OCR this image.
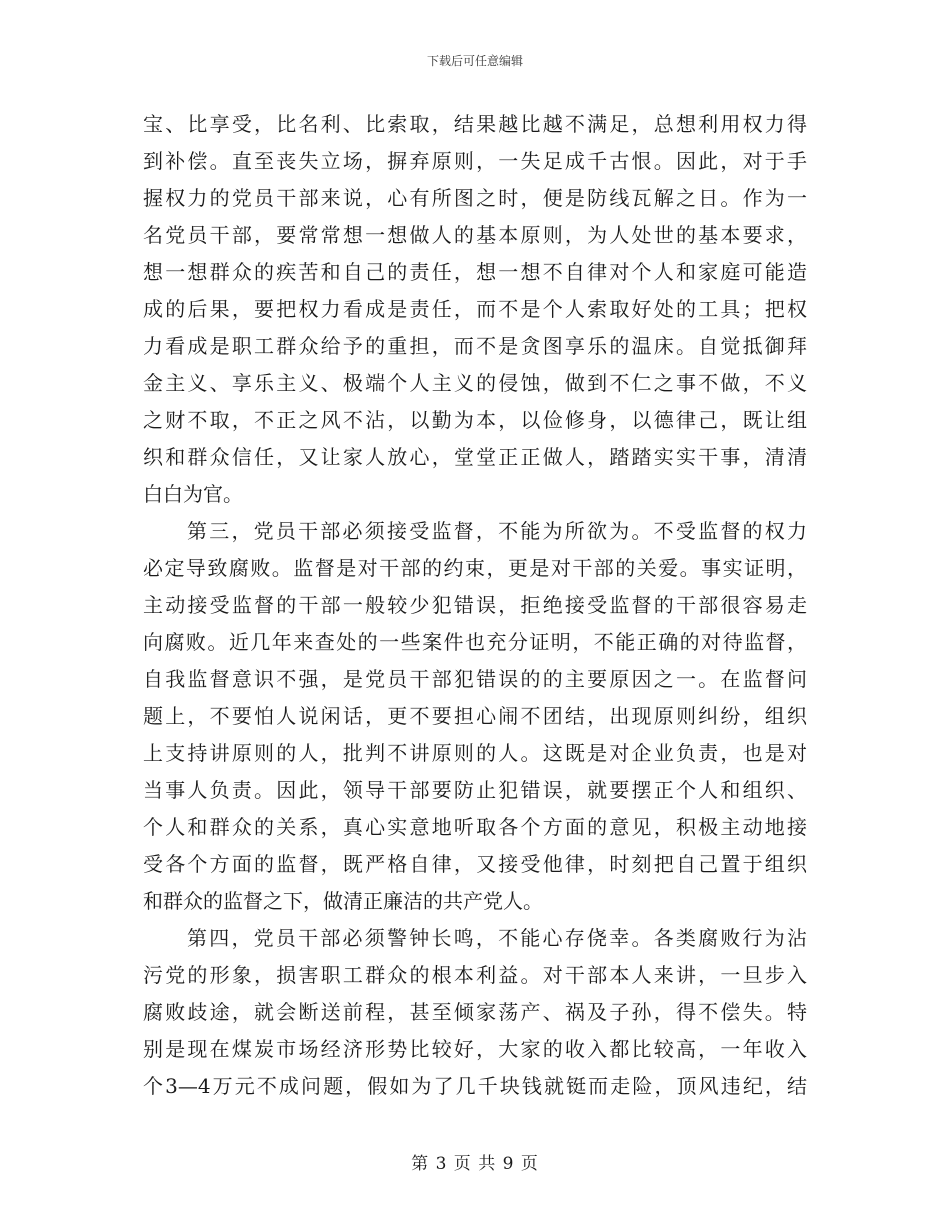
下载后可任意编辑
宝、比享受，比名利、比索取，结果越比越不满足，总想利用权力得
到补偿。直至丧失立场，摒弃原则，一失足成千古恨。因此，对于手
握权力的党员干部来说，心有所图之时，便是防线瓦解之日。作为一
名党员干部，要常常想一想做人的基本原则，为人处世的基本要求，
想一想群众的疾苦和自己的责任，想一想不自律对个人和家庭可能造
成的后果，要把权力看成是责任，而不是个人索取好处的工具；把权
力看成是职工群众给予的重担，而不是贪图享乐的温床。自觉抵御拜
金主义、享乐主义、极端个人主义的侵蚀，做到不仁之事不做，不义
之财不取，不正之风不沾，以勤为本，以俭修身，以德律己，既让组
织和群众信任，又让家人放心，堂堂正正做人，踏踏实实干事，清清
白白为官。
第三，党员干部必须接受监督，不能为所欲为。不受监督的权力
必定导致腐败。监督是对干部的约束，更是对干部的关爱。事实证明，
主动接受监督的干部一般较少犯错误，拒绝接受监督的干部很容易走
向腐败。近几年来查处的一些案件也充分证明，不能正确的对待监督，
自我监督意识不强，是党员干部犯错误的的主要原因之一。在监督问
题上，不要怕人说闲话，更不要担心闹不团结，出现原则纠纷，组织
上支持讲原则的人，批判不讲原则的人。这既是对企业负责，也是对
当事人负责。因此，领导干部要防止犯错误，就要摆正个人和组织、
个人和群众的关系，真心实意地听取各个方面的意见，积极主动地接
受各个方面的监督，既严格自律，又接受他律，时刻把自己置于组织
和群众的监督之下，做清正廉洁的共产党人。
第四，党员干部必须警钟长鸣，不能心存侥幸。各类腐败行为沾
污党的形象，损害职工群众的根本利益。对干部本人来讲，一旦步入
腐败歧途，就会断送前程，甚至倾家荡产、祸及子孙，得不偿失。特
别是现在煤炭市场经济形势比较好，大家的收入都比较高，一年收入
个3—4万元不成问题，假如为了几千块钱就铤而走险，顶风违纪，结
第 3 页 共 9 页
